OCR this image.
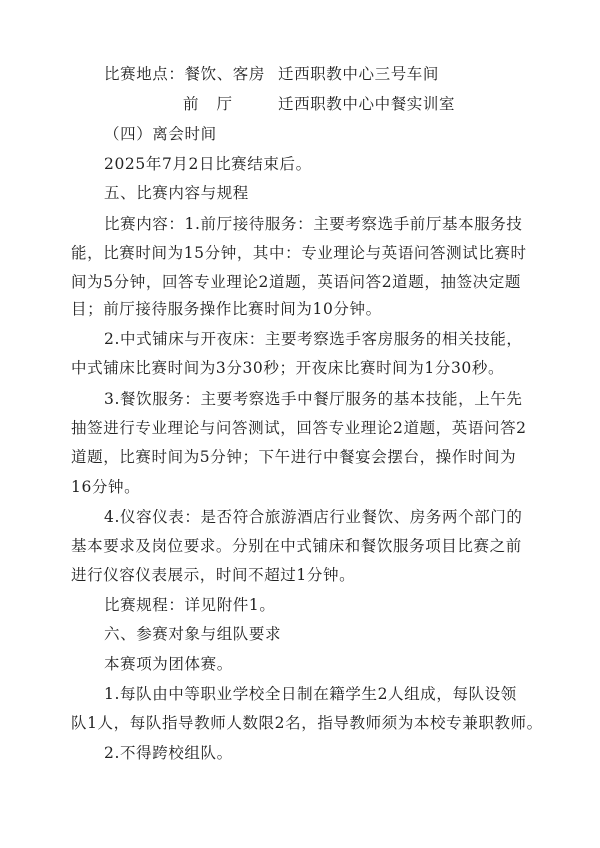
比赛地点：餐饮、客房 迁西职教中心三号车间
前厅 迁西职教中心中餐实训室
（四）离会时间
2025年7月2日比赛结束后。
五、比赛内容与规程
比赛内容：1.前厅接待服务：主要考察选手前厅基本服务技
能，比赛时间为15分钟，其中：专业理论与英语问答测试比赛时
间为5分钟，回答专业理论2道题，英语问答2道题，抽签决定题
目；前厅接待服务操作比赛时间为10分钟。
2.中式铺床与开夜床：主要考察选手客房服务的相关技能，
中式铺床比赛时间为3分30秒；开夜床比赛时间为1分30秒。
3.餐饮服务：主要考察选手中餐厅服务的基本技能，上午先
抽签进行专业理论与问答测试，回答专业理论2道题，英语问答2
道题，比赛时间为5分钟；下午进行中餐宴会摆台，操作时间为
16分钟。
4.仪容仪表：是否符合旅游酒店行业餐饮、房务两个部门的
基本要求及岗位要求。分别在中式铺床和餐饮服务项目比赛之前
进行仪容仪表展示，时间不超过1分钟。
比赛规程：详见附件1。
六、参赛对象与组队要求
本赛项为团体赛。
1.每队由中等职业学校全日制在籍学生2人组成，每队设领
队1人，每队指导教师人数限2名，指导教师须为本校专兼职教师。
2.不得跨校组队。
